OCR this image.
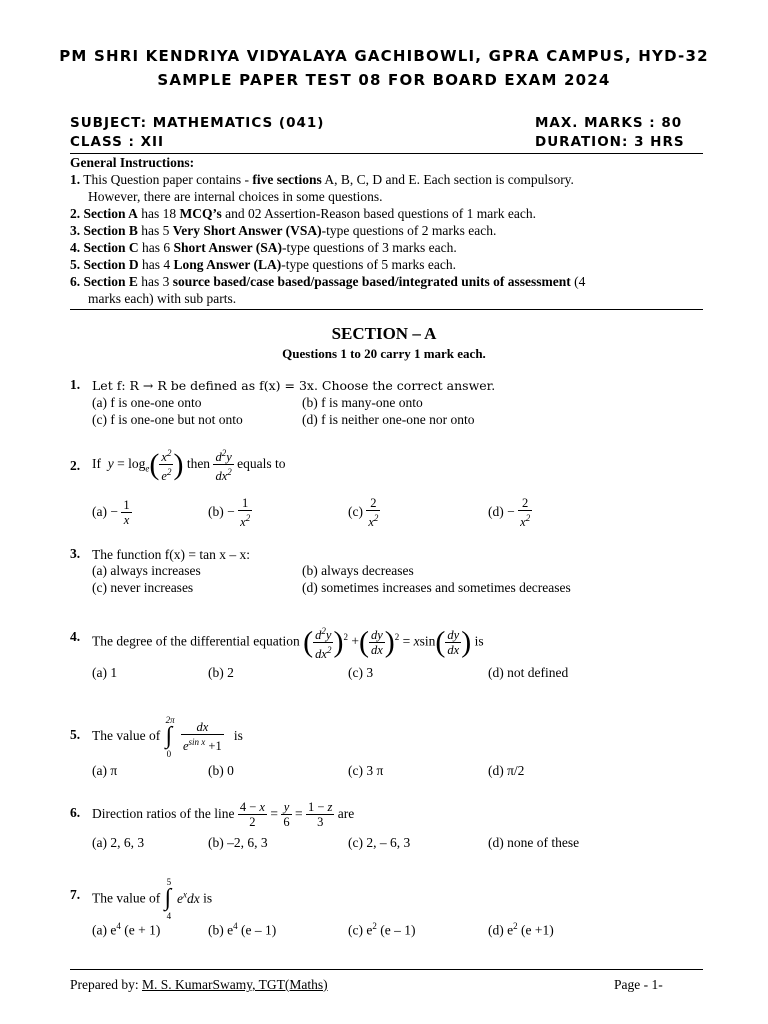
PM SHRI KENDRIYA VIDYALAYA GACHIBOWLI, GPRA CAMPUS, HYD-32
SAMPLE PAPER TEST 08 FOR BOARD EXAM 2024
SUBJECT: MATHEMATICS (041)	MAX. MARKS : 80
CLASS : XII	DURATION: 3 HRS
General Instructions:
1. This Question paper contains - five sections A, B, C, D and E. Each section is compulsory.
However, there are internal choices in some questions.
2. Section A has 18 MCQ’s and 02 Assertion-Reason based questions of 1 mark each.
3. Section B has 5 Very Short Answer (VSA)-type questions of 2 marks each.
4. Section C has 6 Short Answer (SA)-type questions of 3 marks each.
5. Section D has 4 Long Answer (LA)-type questions of 5 marks each.
6. Section E has 3 source based/case based/passage based/integrated units of assessment (4
marks each) with sub parts.
SECTION – A
Questions 1 to 20 carry 1 mark each.
1. Let f: R → R be defined as f(x) = 3x. Choose the correct answer.
(a) f is one-one onto	(b) f is many-one onto
(c) f is one-one but not onto	(d) f is neither one-one nor onto
2. If  $y = \log_e( \frac{x^2}{e^2}$ ) then $\frac{d^2y}{dx^2}$ equals to
$(a) - \frac{1}{x}$	$(b) - \frac{1}{x^2}$	$(c) \frac{2}{x^2}$	$(d) - \frac{2}{x^2}$
3. The function f(x) = tan x – x:
(a) always increases	(b) always decreases
(c) never increases	(d) sometimes increases and sometimes decreases
4. The degree of the differential equation ( $\frac{d^2y}{dx^2} )^2$ +( $\frac{dy}{dx} )^2 = xsin( \frac{dy}{dx}$ ) is
(a) 1	(b) 2	(c) 3	(d) not defined
5. The value of
2π
∫
0

$\frac{dx}{e^{sin x} +1}$ is
(a) π	(b) 0	(c) 3 π	(d) π/2
6. Direction ratios of the line $\frac{4 - x}{2} = \frac{y}{6} = \frac{1 - z}{3}$ are
(a) 2, 6, 3	(b) –2, 6, 3	(c) 2, – 6, 3	(d) none of these
7. The value of
5
∫
4
$e^xdx$ is
(a) $e^4$ (e + 1)	(b) $e^4$ (e – 1)	(c) $e^2$ (e – 1)	(d) $e^2$ (e +1)
Prepared by: M. S. KumarSwamy, TGT(Maths)	Page - 1-
